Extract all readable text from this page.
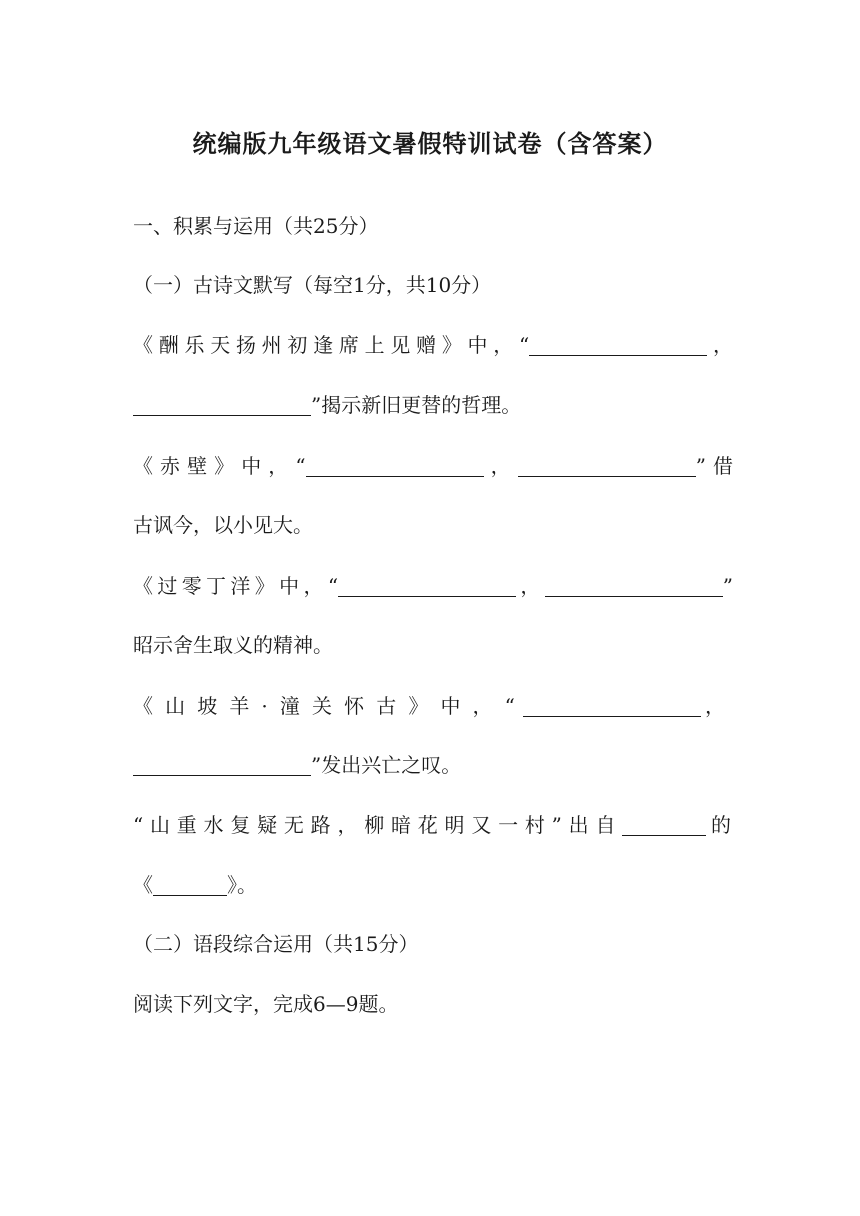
统编版九年级语文暑假特训试卷（含答案）
一、积累与运用（共25分）
（一）古诗文默写（每空1分，共10分）
《酬乐天扬州初逢席上见赠》中，“	，
”揭示新旧更替的哲理。
《赤壁》中，“	，	”借
古讽今，以小见大。
《过零丁洋》中，“	，	”
昭示舍生取义的精神。
《山坡羊·潼关怀古》中，“	，
”发出兴亡之叹。
“山重水复疑无路，柳暗花明又一村”出自	的
《	》。
（二）语段综合运用（共15分）
阅读下列文字，完成6—9题。
